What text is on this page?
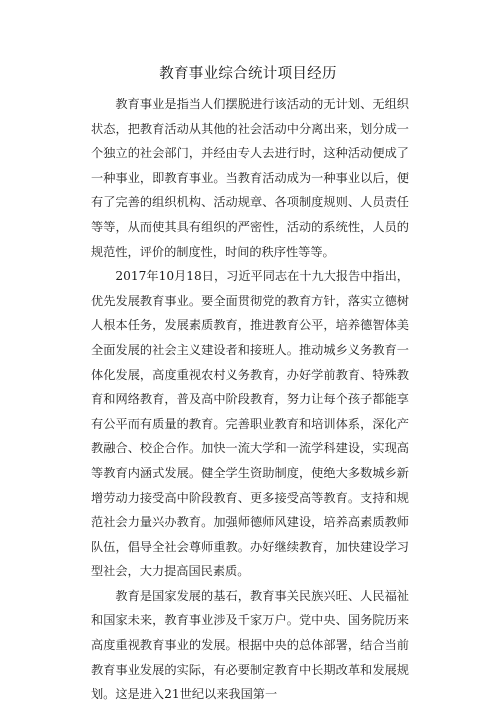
教育事业综合统计项目经历

教育事业是指当人们摆脱进行该活动的无计划、无组织状态，把教育活动从其他的社会活动中分离出来，划分成一个独立的社会部门，并经由专人去进行时，这种活动便成了一种事业，即教育事业。当教育活动成为一种事业以后，便有了完善的组织机构、活动规章、各项制度规则、人员责任等等，从而使其具有组织的严密性，活动的系统性，人员的规范性，评价的制度性，时间的秩序性等等。

2017年10月18日，习近平同志在十九大报告中指出，优先发展教育事业。要全面贯彻党的教育方针，落实立德树人根本任务，发展素质教育，推进教育公平，培养德智体美全面发展的社会主义建设者和接班人。推动城乡义务教育一体化发展，高度重视农村义务教育，办好学前教育、特殊教育和网络教育，普及高中阶段教育，努力让每个孩子都能享有公平而有质量的教育。完善职业教育和培训体系，深化产教融合、校企合作。加快一流大学和一流学科建设，实现高等教育内涵式发展。健全学生资助制度，使绝大多数城乡新增劳动力接受高中阶段教育、更多接受高等教育。支持和规范社会力量兴办教育。加强师德师风建设，培养高素质教师队伍，倡导全社会尊师重教。办好继续教育，加快建设学习型社会，大力提高国民素质。

教育是国家发展的基石，教育事关民族兴旺、人民福祉和国家未来，教育事业涉及千家万户。党中央、国务院历来高度重视教育事业的发展。根据中央的总体部署，结合当前教育事业发展的实际，有必要制定教育中长期改革和发展规划。这是进入21世纪以来我国第一
